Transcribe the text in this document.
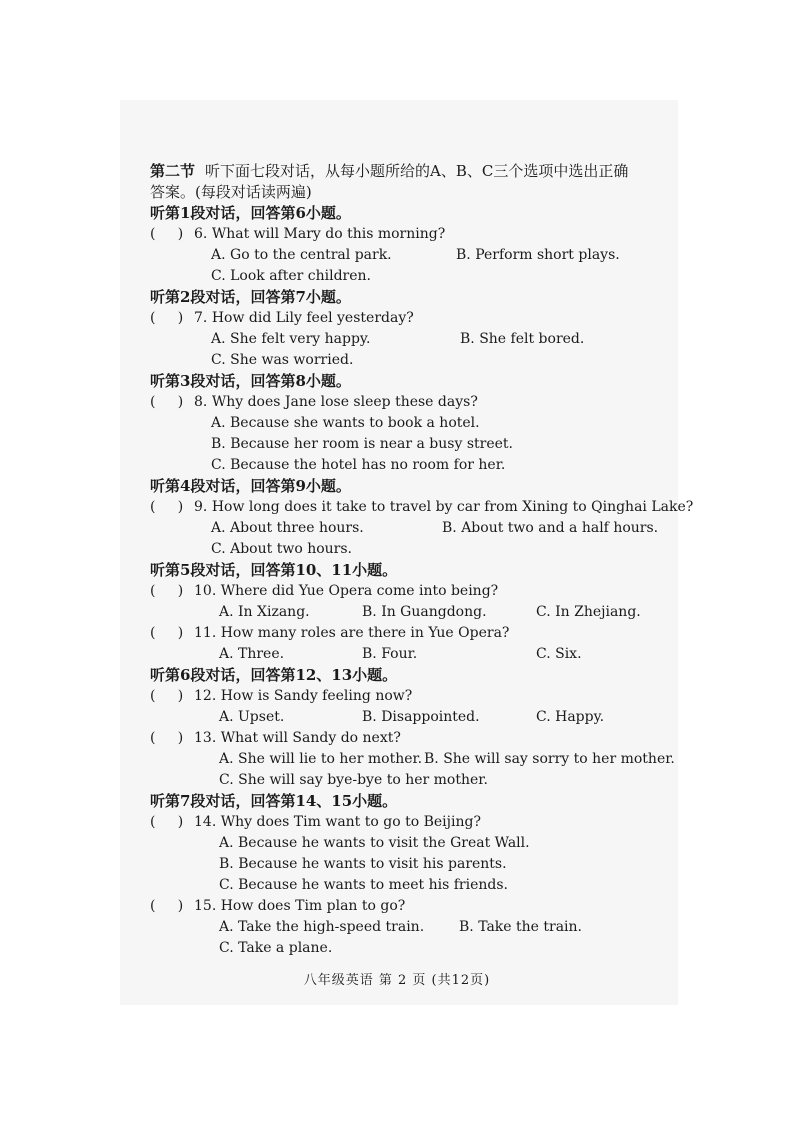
第二节 听下面七段对话，从每小题所给的A、B、C三个选项中选出正确
答案。(每段对话读两遍)
听第1段对话，回答第6小题。
(     ) 6. What will Mary do this morning?
A. Go to the central park.	B. Perform short plays.
C. Look after children.
听第2段对话，回答第7小题。
(     ) 7. How did Lily feel yesterday?
A. She felt very happy.	B. She felt bored.
C. She was worried.
听第3段对话，回答第8小题。
(     ) 8. Why does Jane lose sleep these days?
A. Because she wants to book a hotel.
B. Because her room is near a busy street.
C. Because the hotel has no room for her.
听第4段对话，回答第9小题。
(     ) 9. How long does it take to travel by car from Xining to Qinghai Lake?
A. About three hours.	B. About two and a half hours.
C. About two hours.
听第5段对话，回答第10、11小题。
(     ) 10. Where did Yue Opera come into being?
A. In Xizang.	B. In Guangdong.	C. In Zhejiang.
(     ) 11. How many roles are there in Yue Opera?
A. Three.	B. Four.	C. Six.
听第6段对话，回答第12、13小题。
(     ) 12. How is Sandy feeling now?
A. Upset.	B. Disappointed.	C. Happy.
(     ) 13. What will Sandy do next?
A. She will lie to her mother. B. She will say sorry to her mother.
C. She will say bye-bye to her mother.
听第7段对话，回答第14、15小题。
(     ) 14. Why does Tim want to go to Beijing?
A. Because he wants to visit the Great Wall.
B. Because he wants to visit his parents.
C. Because he wants to meet his friends.
(     ) 15. How does Tim plan to go?
A. Take the high-speed train. B. Take the train.
C. Take a plane.
八年级英语 第 2 页 (共12页)
